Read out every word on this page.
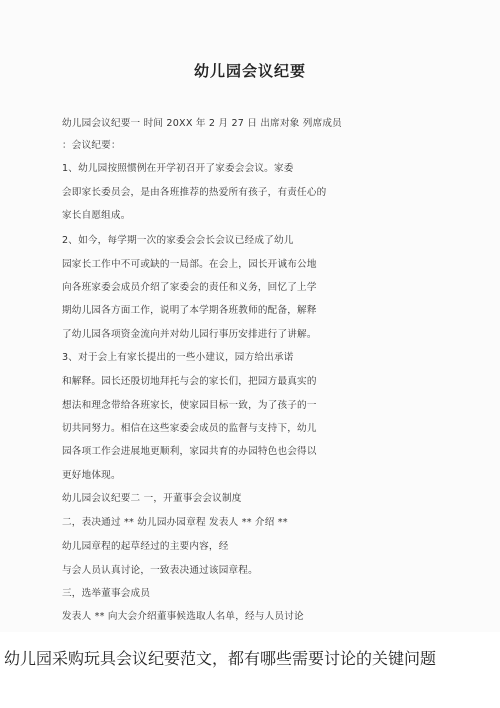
幼儿园会议纪要
幼儿园会议纪要一 时间 20XX 年 2 月 27 日 出席对象 列席成员
：会议纪要：
1、幼儿园按照惯例在开学初召开了家委会会议。家委
会即家长委员会，是由各班推荐的热爱所有孩子，有责任心的
家长自愿组成。
2、如今，每学期一次的家委会会长会议已经成了幼儿
园家长工作中不可或缺的一局部。在会上，园长开诚布公地
向各班家委会成员介绍了家委会的责任和义务，回忆了上学
期幼儿园各方面工作，说明了本学期各班教师的配备，解释
了幼儿园各项资金流向并对幼儿园行事历安排进行了讲解。
3、对于会上有家长提出的一些小建议，园方给出承诺
和解释。园长还殷切地拜托与会的家长们，把园方最真实的
想法和理念带给各班家长，使家园目标一致，为了孩子的一
切共同努力。相信在这些家委会成员的监督与支持下，幼儿
园各项工作会进展地更顺利，家园共育的办园特色也会得以
更好地体现。
幼儿园会议纪要二 一，开董事会会议制度
二，表决通过 ** 幼儿园办园章程 发表人 ** 介绍 **
幼儿园章程的起草经过的主要内容，经
与会人员认真讨论，一致表决通过该园章程。
三，选举董事会成员
发表人 ** 向大会介绍董事候选取人名单，经与人员讨论
幼儿园采购玩具会议纪要范文，都有哪些需要讨论的关键问题
